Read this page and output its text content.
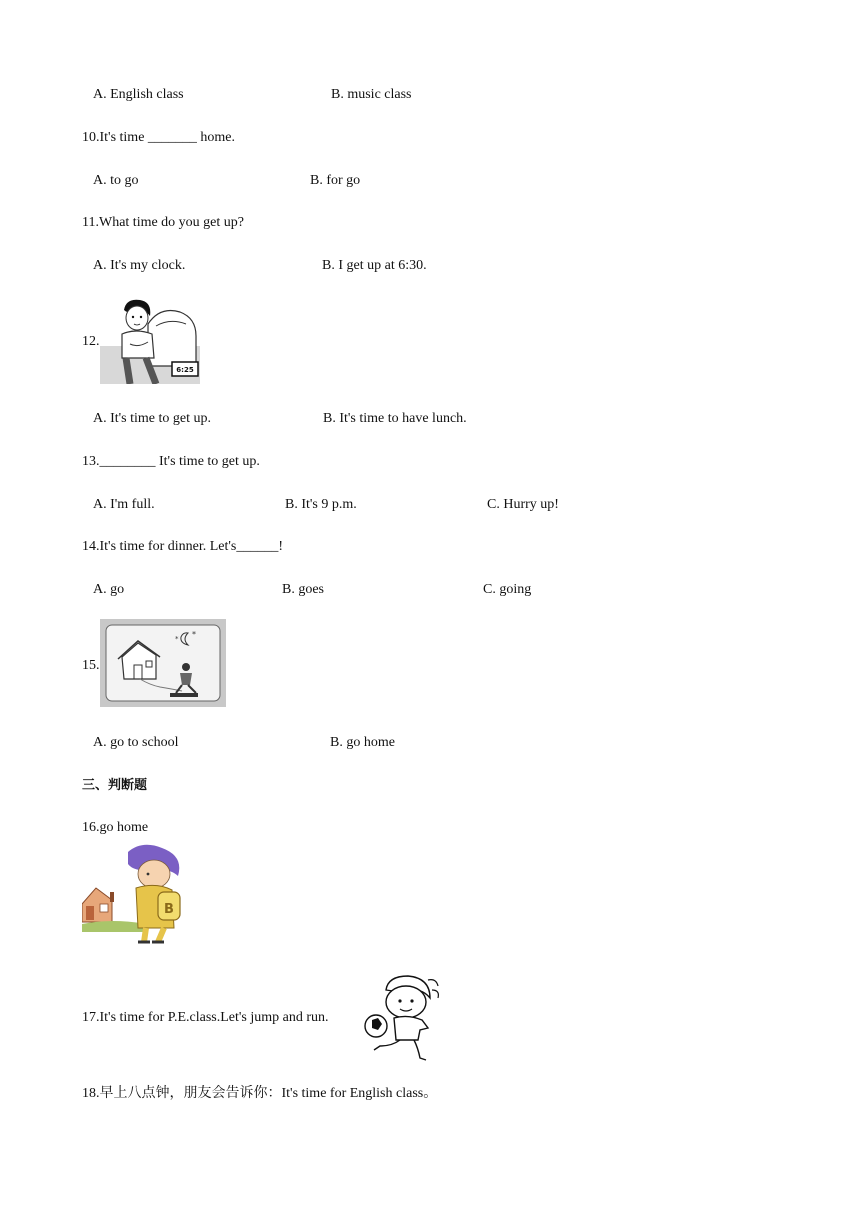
A. English class	B. music class
10.It's time _______ home.
A. to go	B. for go
11.What time do you get up?
A. It's my clock.	B. I get up at 6:30.
12.
6:25
A. It's time to get up.	B. It's time to have lunch.
13.________ It's time to get up.
A. I'm full.	B. It's 9 p.m.	C. Hurry up!
14.It's time for dinner. Let's______!
A. go	B. goes	C. going
15.
*
*
A. go to school	B. go home
三、判断题
16.go home
B
17.It's time for P.E.class.Let's jump and run.
18.早上八点钟，朋友会告诉你：It's time for English class。
